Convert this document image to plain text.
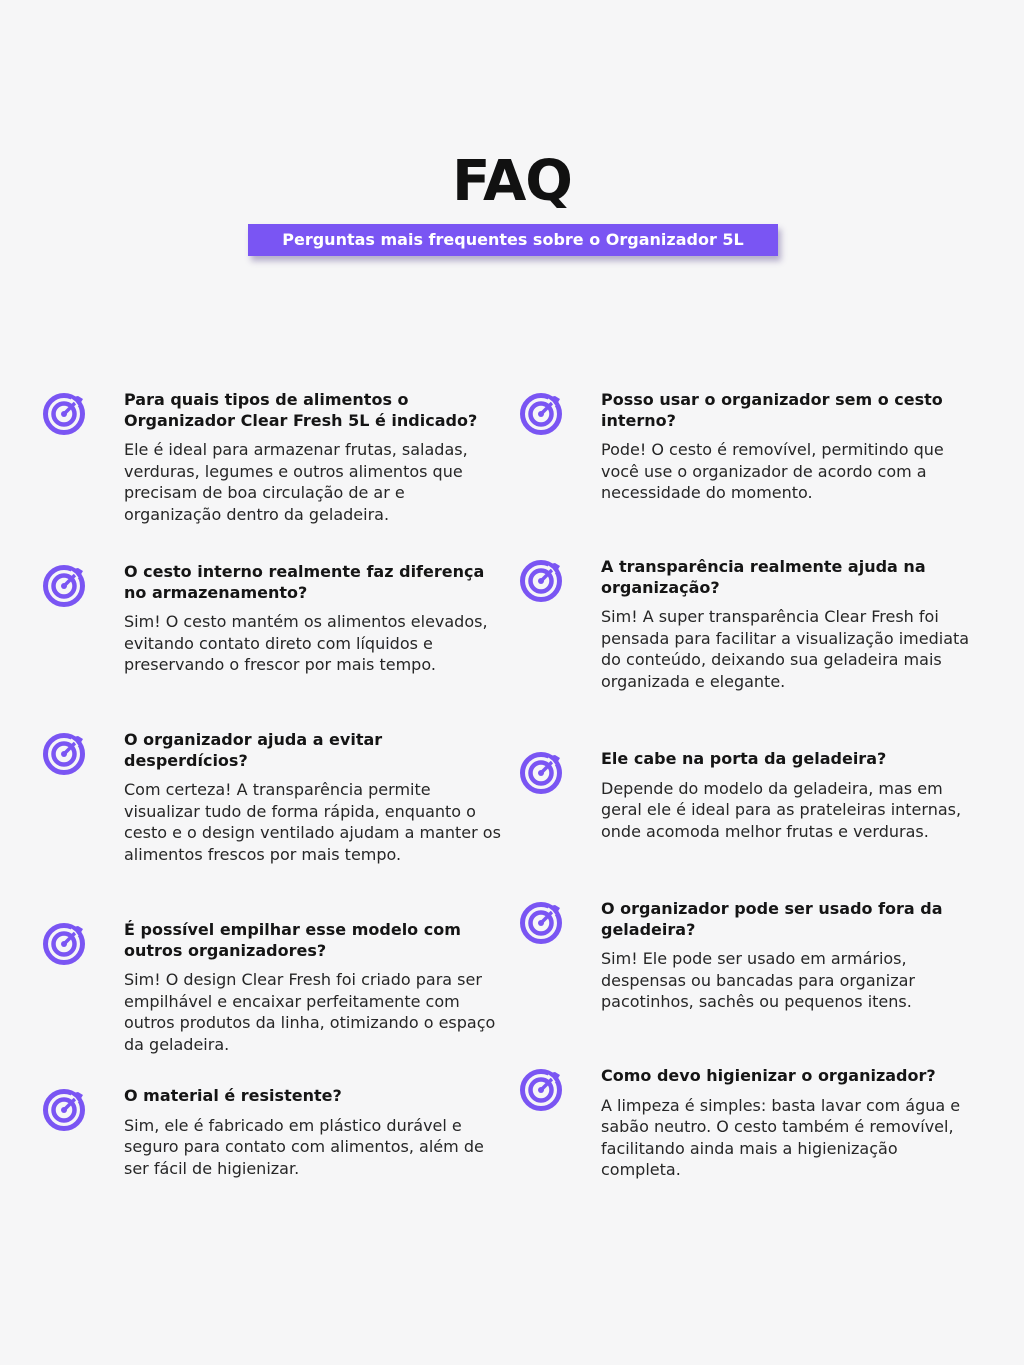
FAQ
Perguntas mais frequentes sobre o Organizador 5L
Para quais tipos de alimentos o Organizador Clear Fresh 5L é indicado?
Ele é ideal para armazenar frutas, saladas, verduras, legumes e outros alimentos que precisam de boa circulação de ar e organização dentro da geladeira.
O cesto interno realmente faz diferença no armazenamento?
Sim! O cesto mantém os alimentos elevados, evitando contato direto com líquidos e preservando o frescor por mais tempo.
O organizador ajuda a evitar desperdícios?
Com certeza! A transparência permite visualizar tudo de forma rápida, enquanto o cesto e o design ventilado ajudam a manter os alimentos frescos por mais tempo.
É possível empilhar esse modelo com outros organizadores?
Sim! O design Clear Fresh foi criado para ser empilhável e encaixar perfeitamente com outros produtos da linha, otimizando o espaço da geladeira.
O material é resistente?
Sim, ele é fabricado em plástico durável e seguro para contato com alimentos, além de ser fácil de higienizar.
Posso usar o organizador sem o cesto interno?
Pode! O cesto é removível, permitindo que você use o organizador de acordo com a necessidade do momento.
A transparência realmente ajuda na organização?
Sim! A super transparência Clear Fresh foi pensada para facilitar a visualização imediata do conteúdo, deixando sua geladeira mais organizada e elegante.
Ele cabe na porta da geladeira?
Depende do modelo da geladeira, mas em geral ele é ideal para as prateleiras internas, onde acomoda melhor frutas e verduras.
O organizador pode ser usado fora da geladeira?
Sim! Ele pode ser usado em armários, despensas ou bancadas para organizar pacotinhos, sachês ou pequenos itens.
Como devo higienizar o organizador?
A limpeza é simples: basta lavar com água e sabão neutro. O cesto também é removível, facilitando ainda mais a higienização completa.
